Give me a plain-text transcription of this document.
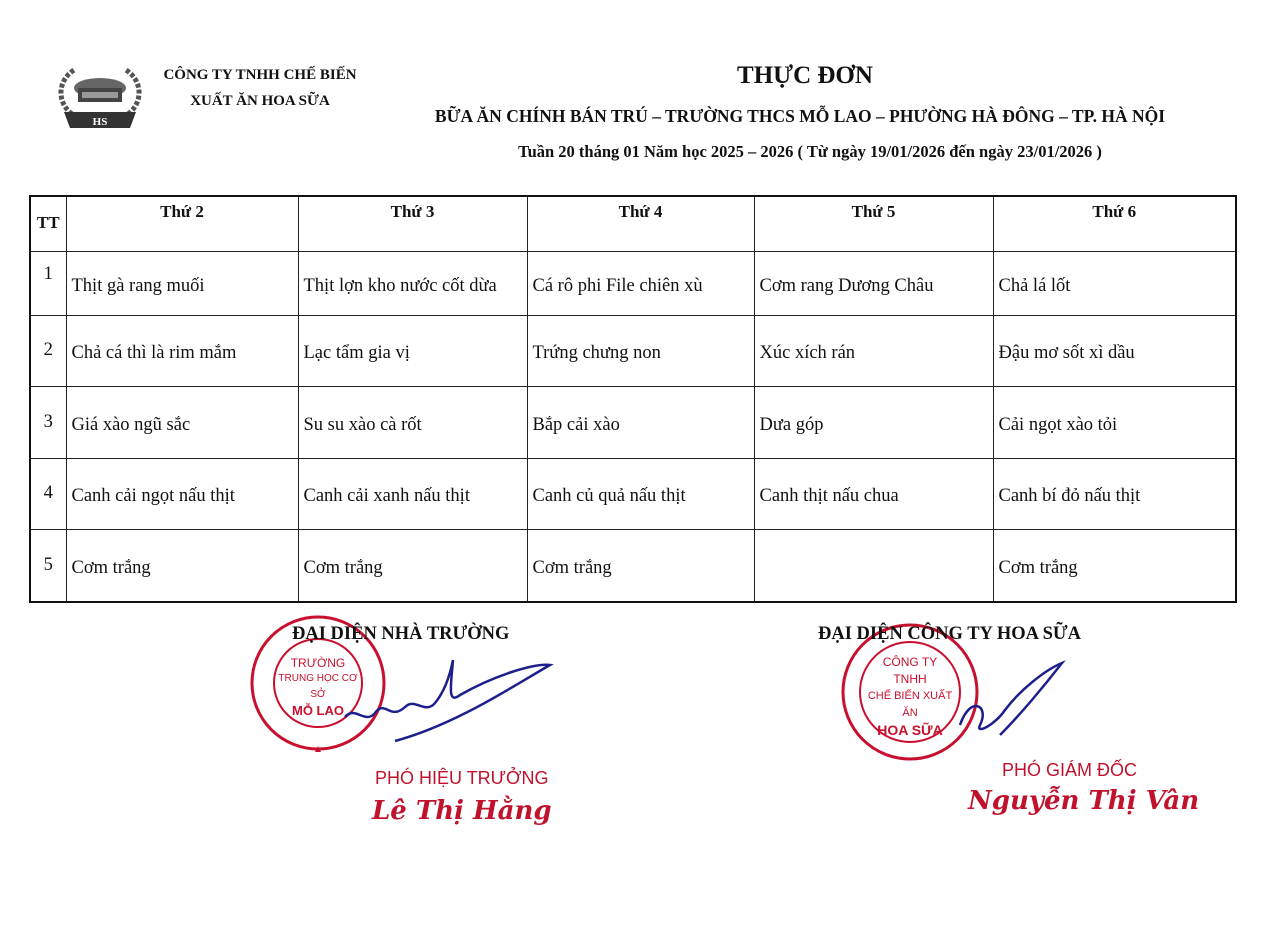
HS
CÔNG TY TNHH CHẾ BIẾN
XUẤT ĂN HOA SỮA
THỰC ĐƠN
BỮA ĂN CHÍNH BÁN TRÚ – TRƯỜNG THCS MỖ LAO – PHƯỜNG HÀ ĐÔNG – TP. HÀ NỘI
Tuần 20 tháng 01 Năm học 2025 – 2026 ( Từ ngày 19/01/2026 đến ngày 23/01/2026 )
TT	Thứ 2	Thứ 3	Thứ 4	Thứ 5	Thứ 6
1	Thịt gà rang muối	Thịt lợn kho nước cốt dừa	Cá rô phi File chiên xù	Cơm rang Dương Châu	Chả lá lốt
2	Chả cá thì là rim mắm	Lạc tẩm gia vị	Trứng chưng non	Xúc xích rán	Đậu mơ sốt xì dầu
3	Giá xào ngũ sắc	Su su xào cà rốt	Bắp cải xào	Dưa góp	Cải ngọt xào tỏi
4	Canh cải ngọt nấu thịt	Canh cải xanh nấu thịt	Canh củ quả nấu thịt	Canh thịt nấu chua	Canh bí đỏ nấu thịt
5	Cơm trắng	Cơm trắng	Cơm trắng		Cơm trắng
TRƯỜNG
TRUNG HỌC CƠ SỞ
MỖ LAO
ĐẠI DIỆN NHÀ TRƯỜNG
PHÓ HIỆU TRƯỞNG
Lê Thị Hằng
CÔNG TY
TNHH
CHẾ BIẾN XUẤT ĂN
HOA SỮA
ĐẠI DIỆN CÔNG TY HOA SỮA
PHÓ GIÁM ĐỐC
Nguyễn Thị Vân
